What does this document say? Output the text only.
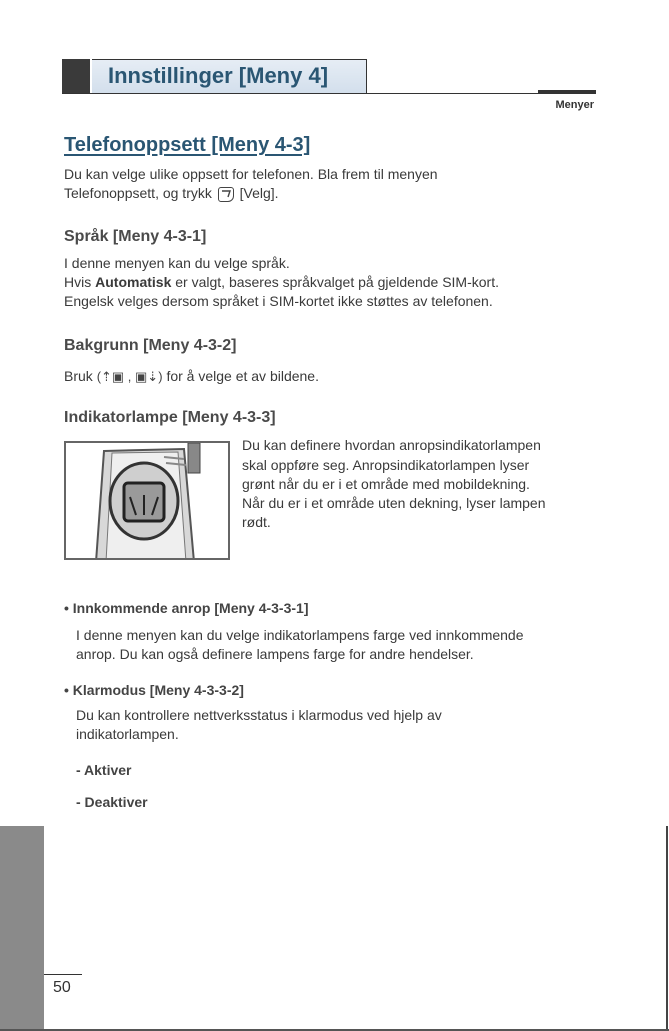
Innstillinger [Meny 4]
Menyer
Telefonoppsett [Meny 4-3]

Du kan velge ulike oppsett for telefonen. Bla frem til menyen

Telefonoppsett, og trykk [Velg].

Språk [Meny 4-3-1]

I denne menyen kan du velge språk.

Hvis Automatisk er valgt, baseres språkvalget på gjeldende SIM-kort.

Engelsk velges dersom språket i SIM-kortet ikke støttes av telefonen.

Bakgrunn [Meny 4-3-2]

Bruk (⇡▣ , ▣⇣) for å velge et av bildene.

Indikatorlampe [Meny 4-3-3]

Du kan definere hvordan anropsindikatorlampen

skal oppføre seg. Anropsindikatorlampen lyser

grønt når du er i et område med mobildekning.

Når du er i et område uten dekning, lyser lampen

rødt.

• Innkommende anrop [Meny 4-3-3-1]

I denne menyen kan du velge indikatorlampens farge ved innkommende

anrop. Du kan også definere lampens farge for andre hendelser.

• Klarmodus [Meny 4-3-3-2]

Du kan kontrollere nettverksstatus i klarmodus ved hjelp av

indikatorlampen.

- Aktiver

- Deaktiver

50
